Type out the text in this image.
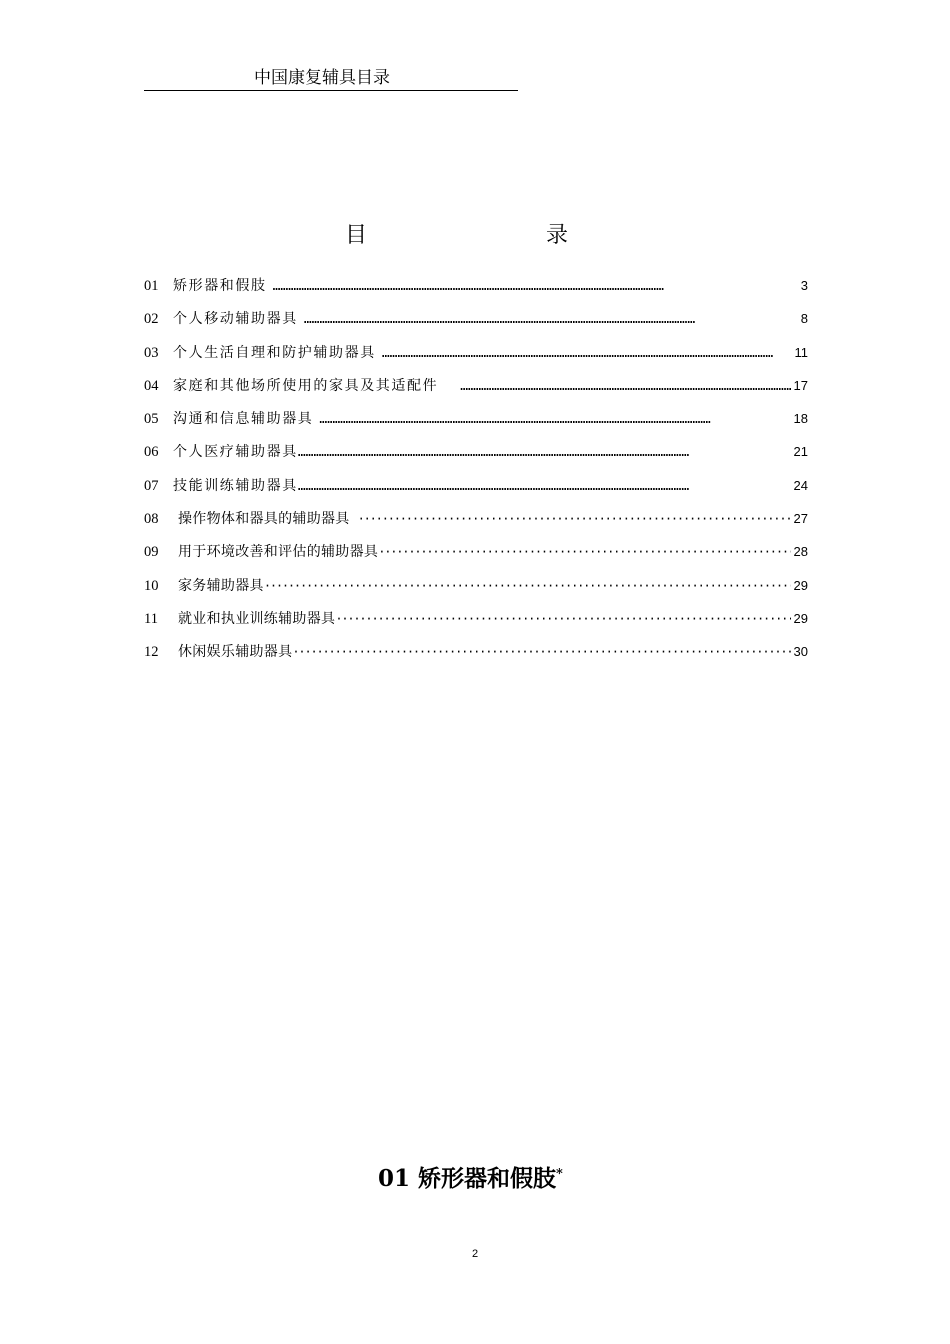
中国康复辅具目录
目	录
01	矫形器和假肢 ……………………………………………………………………………………………………………………………………	3
02	个人移动辅助器具 ……………………………………………………………………………………………………………………………………	8
03	个人生活自理和防护辅助器具 ……………………………………………………………………………………………………………………………………	11
04	家庭和其他场所使用的家具及其适配件 ……………………………………………………………………………………………………………………………………	17
05	沟通和信息辅助器具 ……………………………………………………………………………………………………………………………………	18
06	个人医疗辅助器具 ……………………………………………………………………………………………………………………………………	21
07	技能训练辅助器具 ……………………………………………………………………………………………………………………………………	24
08	操作物体和器具的辅助器具 ·····	27
09	用于环境改善和评估的辅助器具 ·····	28
10	家务辅助器具 ·····	29
11	就业和执业训练辅助器具 ·····	29
12	休闲娱乐辅助器具 ·····	30
01 矫形器和假肢*
2
